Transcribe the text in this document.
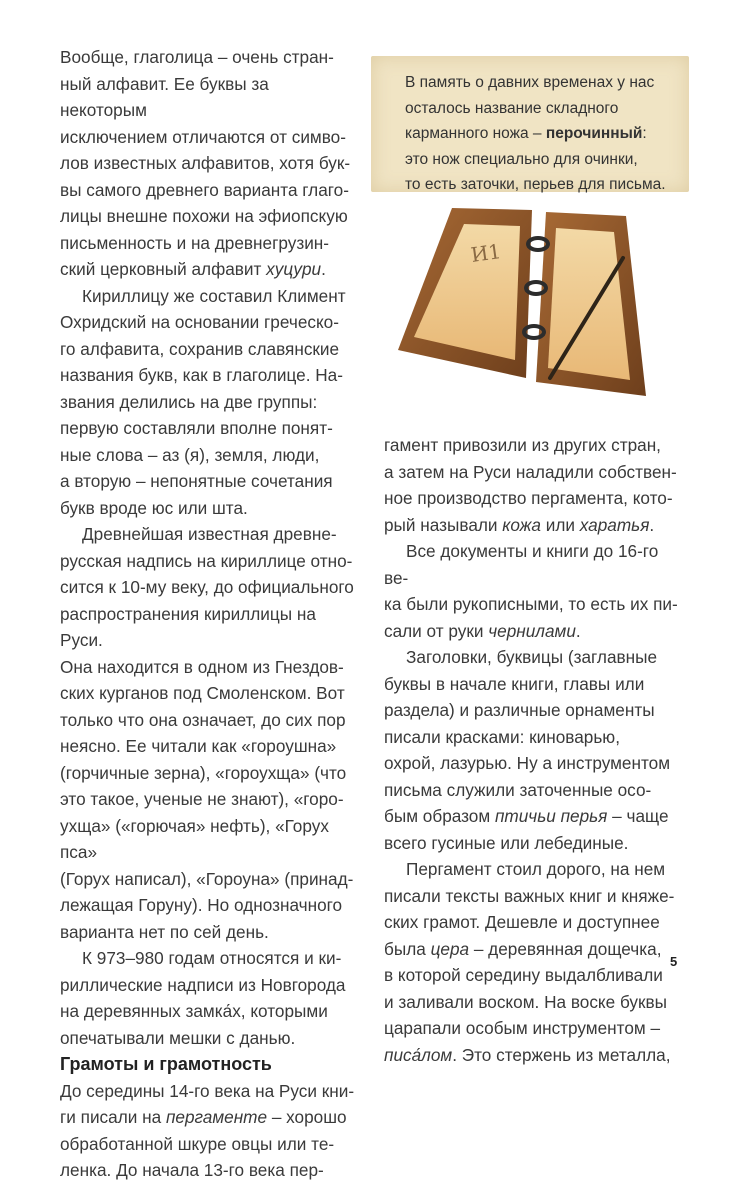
Вообще, глаголица – очень стран-
ный алфавит. Ее буквы за некоторым
исключением отличаются от симво-
лов известных алфавитов, хотя бук-
вы самого древнего варианта глаго-
лицы внешне похожи на эфиопскую
письменность и на древнегрузин-
ский церковный алфавит хуцури.

Кириллицу же составил Климент
Охридский на основании греческо-
го алфавита, сохранив славянские
названия букв, как в глаголице. На-
звания делились на две группы:
первую составляли вполне понят-
ные слова – аз (я), земля, люди,
а вторую – непонятные сочетания
букв вроде юс или шта.

Древнейшая известная древне-
русская надпись на кириллице отно-
сится к 10-му веку, до официального
распространения кириллицы на Руси.
Она находится в одном из Гнездов-
ских курганов под Смоленском. Вот
только что она означает, до сих пор
неясно. Ее читали как «гороушна»
(горчичные зерна), «гороухща» (что
это такое, ученые не знают), «горо-
ухща» («горючая» нефть), «Горух пса»
(Горух написал), «Гороуна» (принад-
лежащая Горуну). Но однозначного
варианта нет по сей день.

К 973–980 годам относятся и ки-
риллические надписи из Новгорода
на деревянных замка́х, которыми
опечатывали мешки с данью.

Грамоты и грамотность

До середины 14-го века на Руси кни-
ги писали на пергаменте – хорошо
обработанной шкуре овцы или те-
ленка. До начала 13-го века пер-

В память о давних временах у нас
осталось название складного
карманного ножа – перочинный:
это нож специально для очинки,
то есть заточки, перьев для письма.
И1

гамент привозили из других стран,
а затем на Руси наладили собствен-
ное производство пергамента, кото-
рый называли кожа или харатья.

Все документы и книги до 16-го ве-
ка были рукописными, то есть их пи-
сали от руки чернилами.

Заголовки, буквицы (заглавные
буквы в начале книги, главы или
раздела) и различные орнаменты
писали красками: киноварью,
охрой, лазурью. Ну а инструментом
письма служили заточенные осо-
бым образом птичьи перья – чаще
всего гусиные или лебединые.

Пергамент стоил дорого, на нем
писали тексты важных книг и княже-
ских грамот. Дешевле и доступнее
была цера – деревянная дощечка,
в которой середину выдалбливали
и заливали воском. На воске буквы
царапали особым инструментом –
писа́лом. Это стержень из металла,

5
